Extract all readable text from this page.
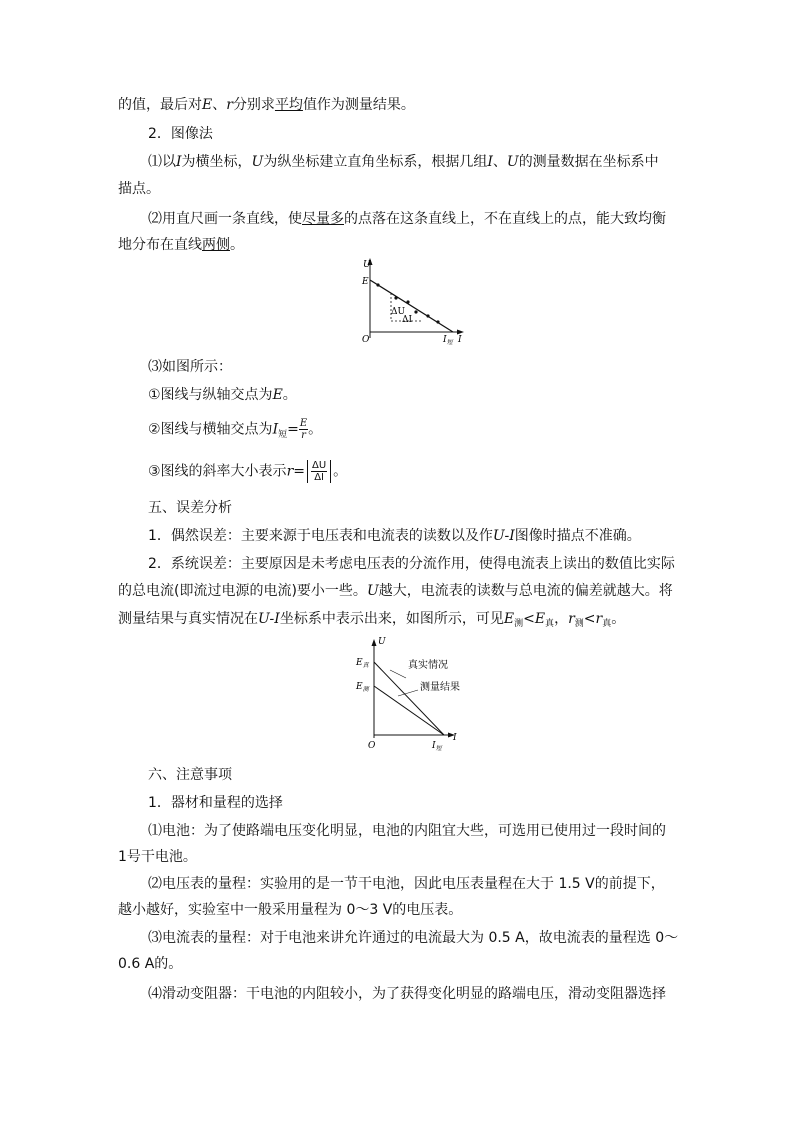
的值，最后对E、r分别求平均值作为测量结果。
2．图像法
⑴以I为横坐标，U为纵坐标建立直角坐标系，根据几组I、U的测量数据在坐标系中
描点。
⑵用直尺画一条直线，使尽量多的点落在这条直线上，不在直线上的点，能大致均衡
地分布在直线两侧。
U
E
O	$I_短$ I
ΔU
ΔI
⑶如图所示：
①图线与纵轴交点为E。
②图线与横轴交点为$I_短= \frac{E}{r}$ 。
③图线的斜率大小表示$r= \frac{\Delta U}{\Delta I}$ 。
五、误差分析
1．偶然误差：主要来源于电压表和电流表的读数以及作U-I图像时描点不准确。
2．系统误差：主要原因是未考虑电压表的分流作用，使得电流表上读出的数值比实际
的总电流(即流过电源的电流)要小一些。U越大，电流表的读数与总电流的偏差就越大。将
测量结果与真实情况在U-I坐标系中表示出来，如图所示，可见$E_测<E_真$，$r_测<r_真$。
U
$E_真$
$E_测$
真实情况
测量结果
O	$I_短$
I
六、注意事项
1．器材和量程的选择
⑴电池：为了使路端电压变化明显，电池的内阻宜大些，可选用已使用过一段时间的
1号干电池。
⑵电压表的量程：实验用的是一节干电池，因此电压表量程在大于 1.5 V的前提下，
越小越好，实验室中一般采用量程为 0～3 V的电压表。
⑶电流表的量程：对于电池来讲允许通过的电流最大为 0.5 A，故电流表的量程选 0～
0.6 A的。
⑷滑动变阻器：干电池的内阻较小，为了获得变化明显的路端电压，滑动变阻器选择
